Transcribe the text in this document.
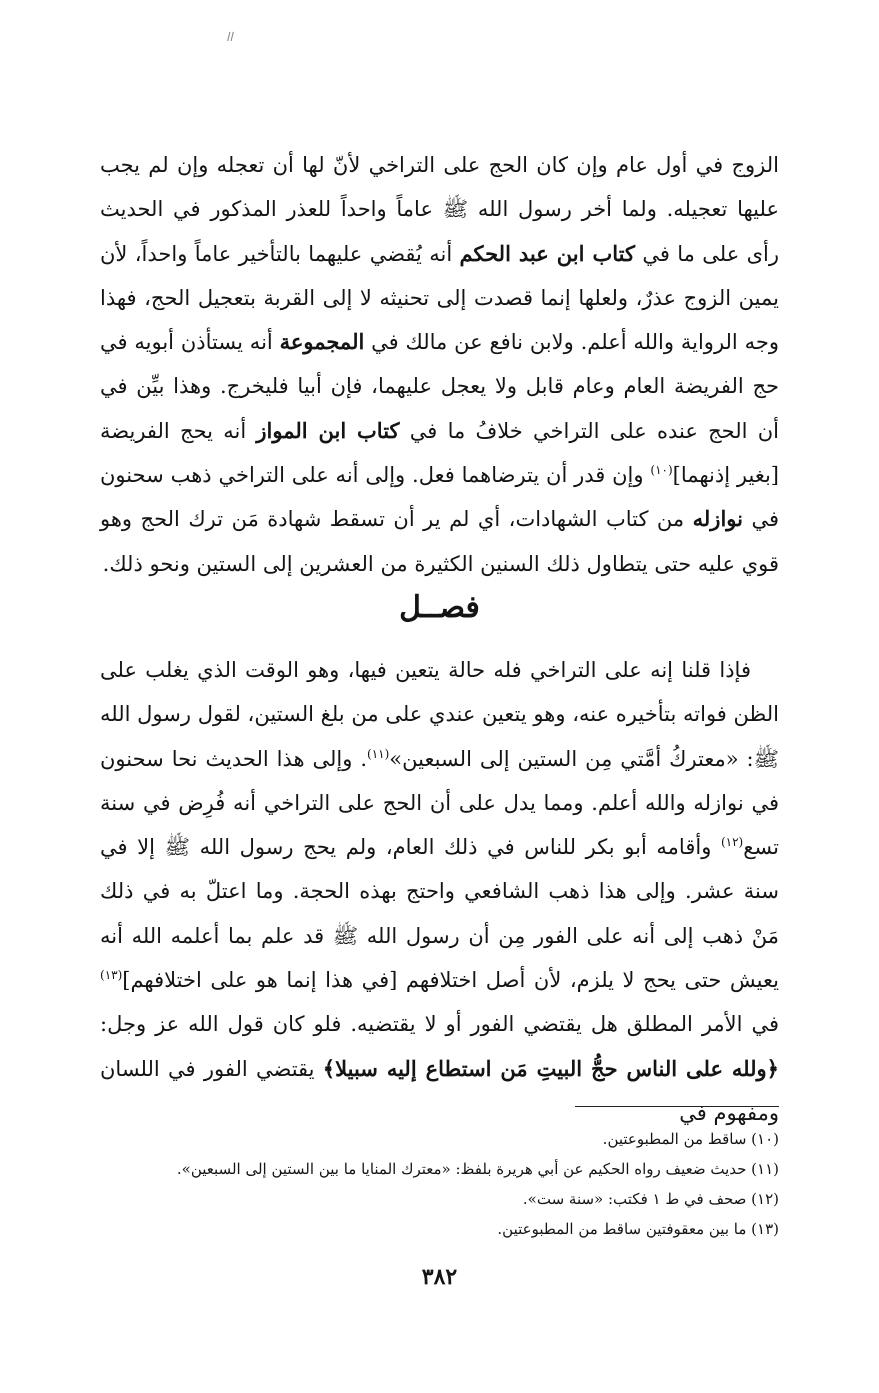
ﺍﺍ
الزوج في أول عام وإن كان الحج على التراخي لأنّ لها أن تعجله وإن لم يجب عليها تعجيله. ولما أخر رسول الله ﷺ عاماً واحداً للعذر المذكور في الحديث رأى على ما في كتاب ابن عبد الحكم أنه يُقضي عليهما بالتأخير عاماً واحداً، لأن يمين الزوج عذرٌ، ولعلها إنما قصدت إلى تحنيثه لا إلى القربة بتعجيل الحج، فهذا وجه الرواية والله أعلم. ولابن نافع عن مالك في المجموعة أنه يستأذن أبويه في حج الفريضة العام وعام قابل ولا يعجل عليهما، فإن أبيا فليخرج. وهذا بيِّن في أن الحج عنده على التراخي خلافُ ما في كتاب ابن المواز أنه يحج الفريضة [بغير إذنهما]$^{(١٠)}$ وإن قدر أن يترضاهما فعل. وإلى أنه على التراخي ذهب سحنون في نوازله من كتاب الشهادات، أي لم ير أن تسقط شهادة مَن ترك الحج وهو قوي عليه حتى يتطاول ذلك السنين الكثيرة من العشرين إلى الستين ونحو ذلك.
فصــل
فإذا قلنا إنه على التراخي فله حالة يتعين فيها، وهو الوقت الذي يغلب على الظن فواته بتأخيره عنه، وهو يتعين عندي على من بلغ الستين، لقول رسول الله ﷺ: «معتركُ أمَّتي مِن الستين إلى السبعين»$^{(١١)}$. وإلى هذا الحديث نحا سحنون في نوازله والله أعلم. ومما يدل على أن الحج على التراخي أنه فُرِض في سنة تسع$^{(١٢)}$ وأقامه أبو بكر للناس في ذلك العام، ولم يحج رسول الله ﷺ إلا في سنة عشر. وإلى هذا ذهب الشافعي واحتج بهذه الحجة. وما اعتلّ به في ذلك مَنْ ذهب إلى أنه على الفور مِن أن رسول الله ﷺ قد علم بما أعلمه الله أنه يعيش حتى يحج لا يلزم، لأن أصل اختلافهم [في هذا إنما هو على اختلافهم]$^{(١٣)}$ في الأمر المطلق هل يقتضي الفور أو لا يقتضيه. فلو كان قول الله عز وجل: ﴿ولله على الناس حجُّ البيتِ مَن استطاع إليه سبيلا﴾ يقتضي الفور في اللسان ومفهوم في
(١٠) ساقط من المطبوعتين.
(١١) حديث ضعيف رواه الحكيم عن أبي هريرة بلفظ: «معترك المنايا ما بين الستين إلى السبعين».
(١٢) صحف في ط ١ فكتب: «سنة ست».
(١٣) ما بين معقوفتين ساقط من المطبوعتين.
٣٨٢
